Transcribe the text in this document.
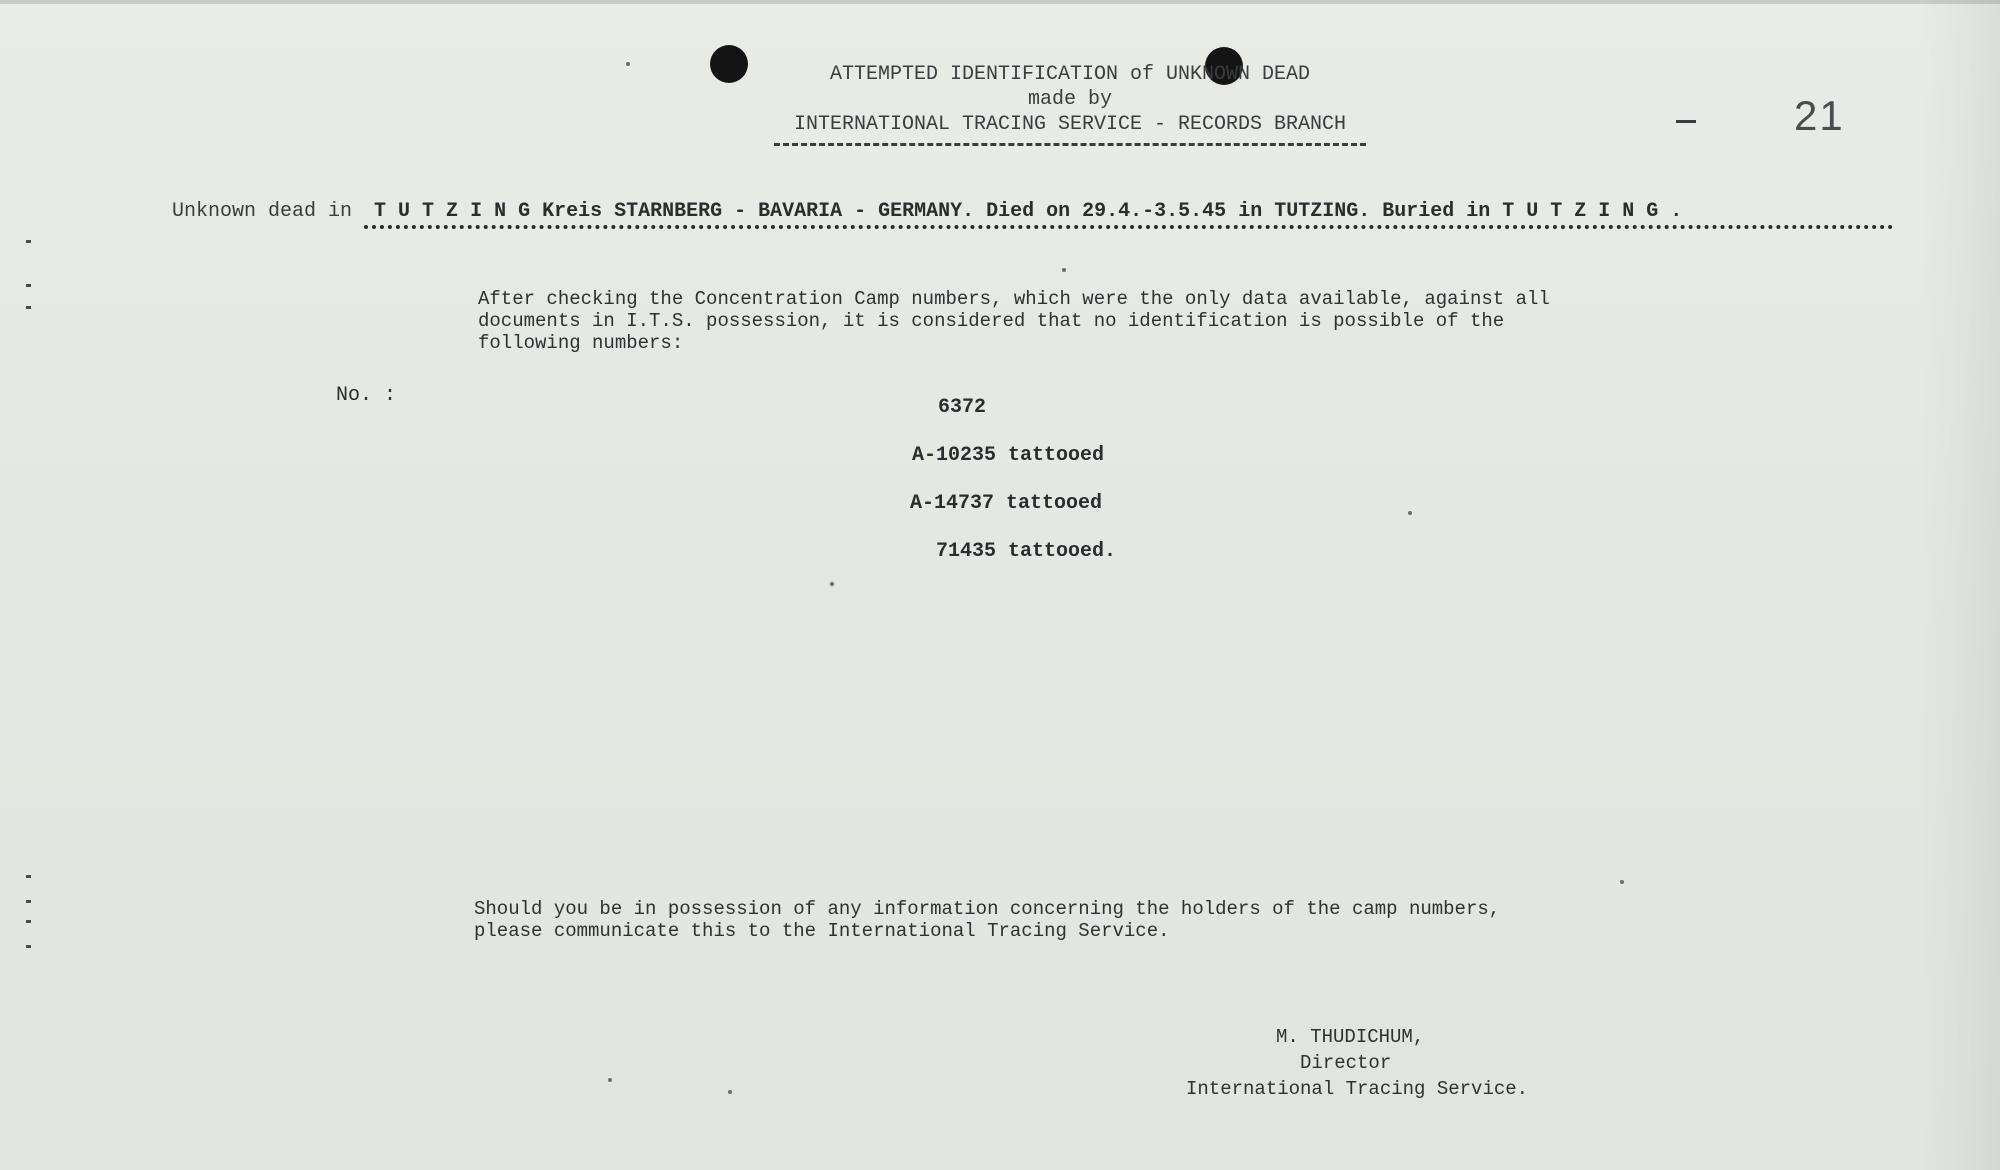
ATTEMPTED IDENTIFICATION of UNKNOWN DEAD
made by
INTERNATIONAL TRACING SERVICE - RECORDS BRANCH	21
Unknown dead in T U T Z I N G Kreis STARNBERG - BAVARIA - GERMANY. Died on 29.4.-3.5.45 in TUTZING. Buried in T U T Z I N G .
After checking the Concentration Camp numbers, which were the only data available, against all
documents in I.T.S. possession, it is considered that no identification is possible of the
following numbers:
No. :
6372
A-10235 tattooed
A-14737 tattooed
71435 tattooed.
Should you be in possession of any information concerning the holders of the camp numbers,
please communicate this to the International Tracing Service.
M. THUDICHUM,
Director
International Tracing Service.
